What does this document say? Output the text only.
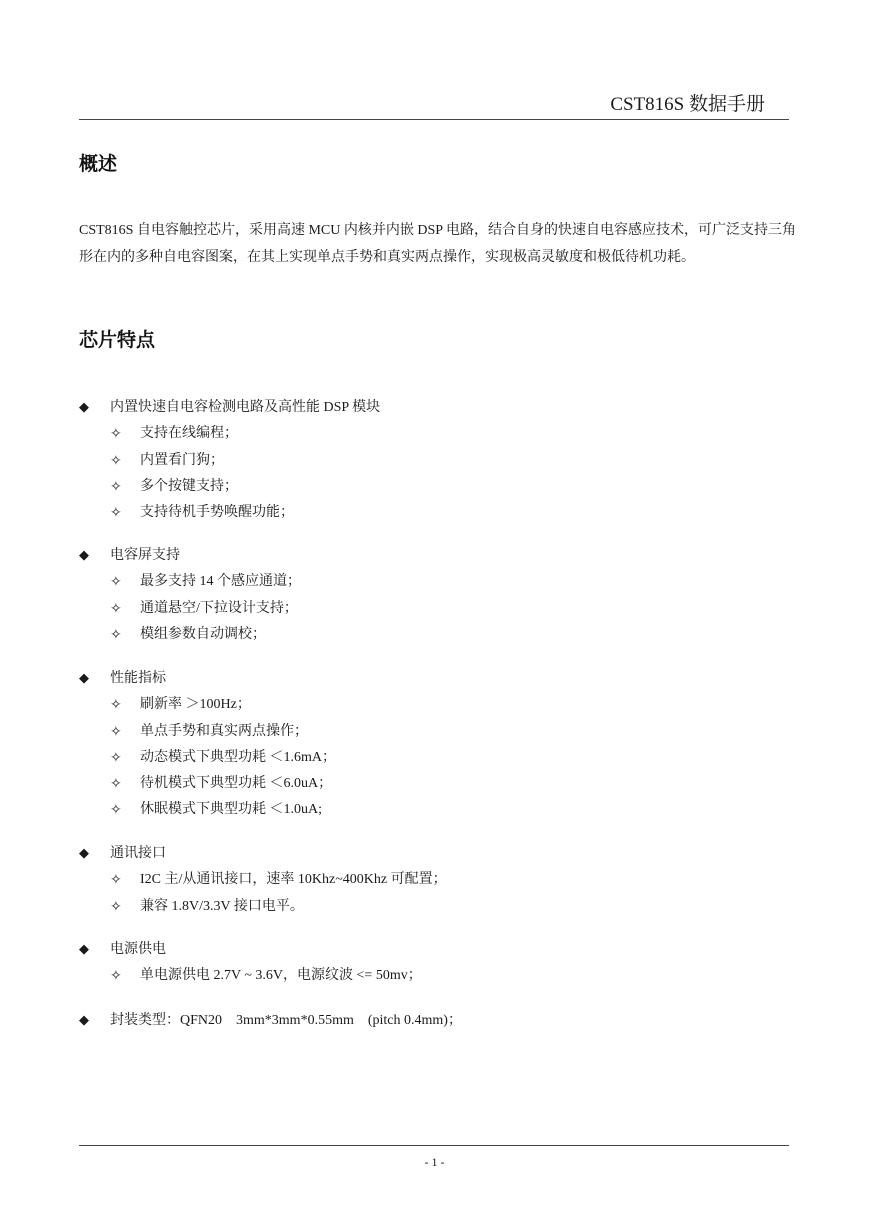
CST816S 数据手册
概述

CST816S 自电容触控芯片，采用高速 MCU 内核并内嵌 DSP 电路，结合自身的快速自电容感应技术，可广泛支持三角形在内的多种自电容图案，在其上实现单点手势和真实两点操作，实现极高灵敏度和极低待机功耗。

芯片特点
◆	内置快速自电容检测电路及高性能 DSP 模块
✧	支持在线编程；
✧	内置看门狗；
✧	多个按键支持；
✧	支持待机手势唤醒功能；
◆	电容屏支持
✧	最多支持 14 个感应通道；
✧	通道悬空/下拉设计支持；
✧	模组参数自动调校；
◆	性能指标
✧	刷新率 ＞100Hz；
✧	单点手势和真实两点操作；
✧	动态模式下典型功耗 ＜1.6mA；
✧	待机模式下典型功耗 ＜6.0uA；
✧	休眠模式下典型功耗 ＜1.0uA;
◆	通讯接口
✧	I2C 主/从通讯接口，速率 10Khz~400Khz 可配置；
✧	兼容 1.8V/3.3V 接口电平。
◆	电源供电
✧	单电源供电 2.7V ~ 3.6V，电源纹波 <= 50mv；
◆	封装类型：QFN20　3mm*3mm*0.55mm　(pitch 0.4mm)；
- 1 -
